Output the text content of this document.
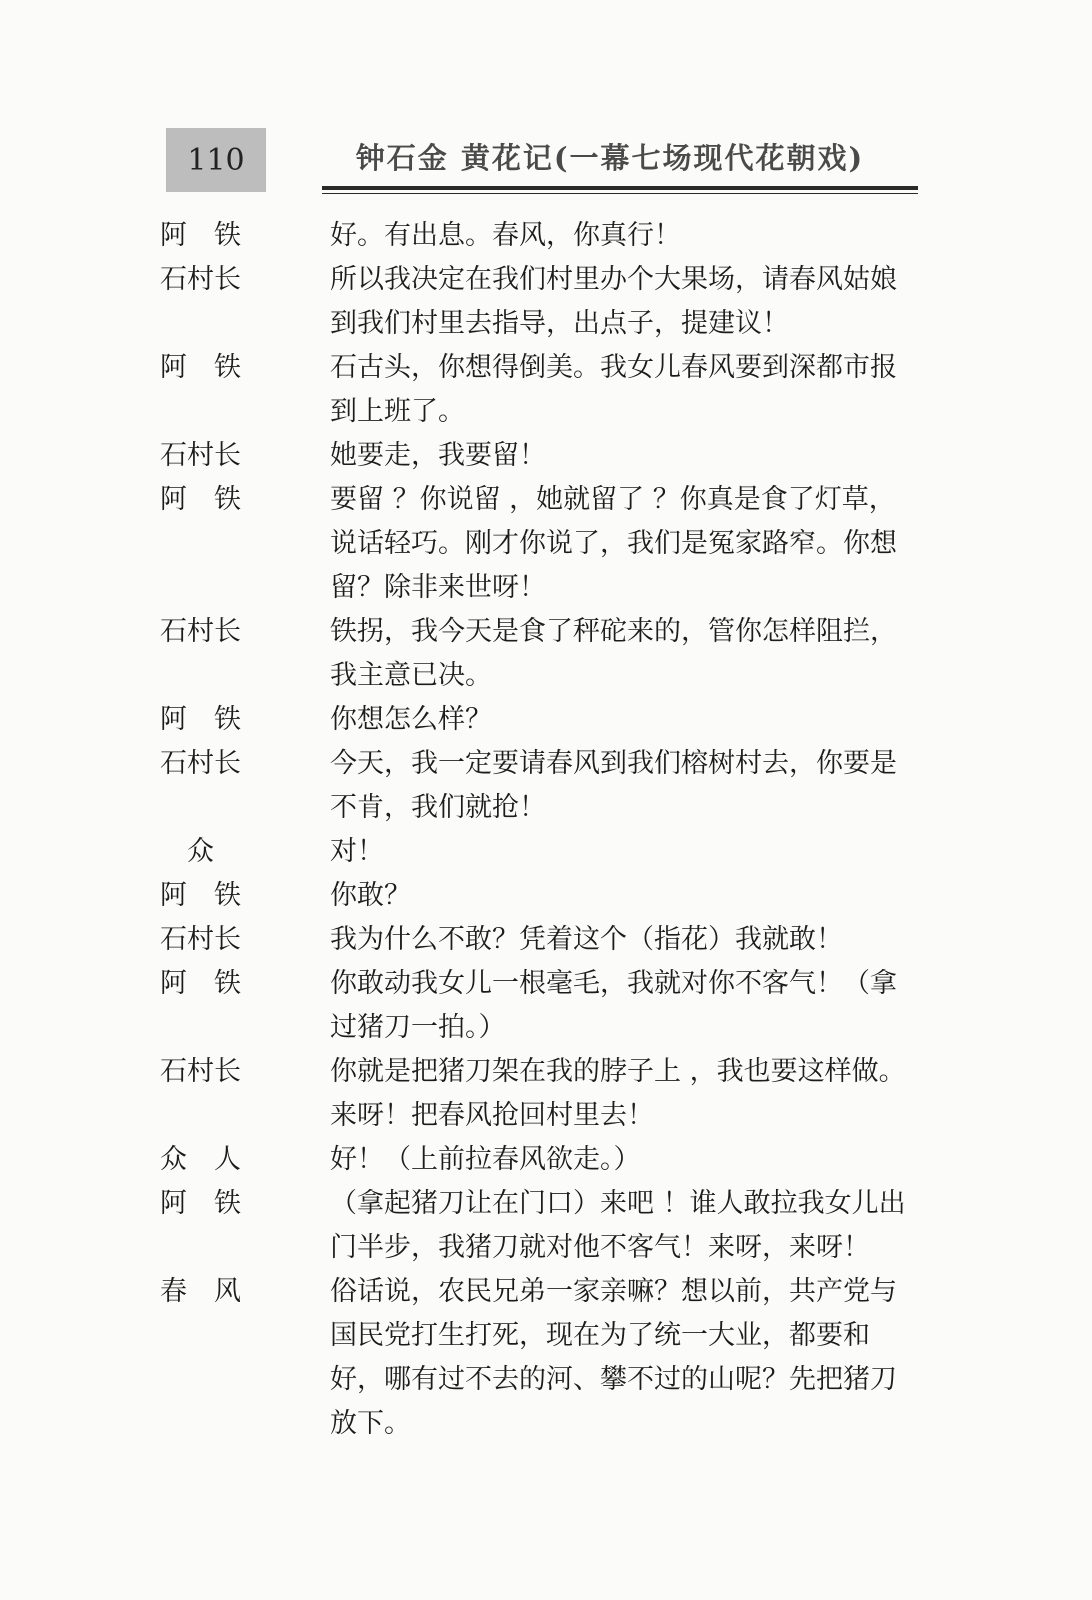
110	钟石金 黄花记(一幕七场现代花朝戏)
阿　铁	好。有出息。春风，你真行！
石村长	所以我决定在我们村里办个大果场，请春风姑娘到我们村里去指导，出点子，提建议！
阿　铁	石古头，你想得倒美。我女儿春风要到深都市报到上班了。
石村长	她要走，我要留！
阿　铁	要留 ？你说留 ，她就留了 ？你真是食了灯草，说话轻巧。刚才你说了，我们是冤家路窄。你想留？除非来世呀！
石村长	铁拐，我今天是食了秤砣来的，管你怎样阻拦，我主意已决。
阿　铁	你想怎么样？
石村长	今天，我一定要请春风到我们榕树村去，你要是不肯，我们就抢！
　众	对！
阿　铁	你敢？
石村长	我为什么不敢？凭着这个（指花）我就敢！
阿　铁	你敢动我女儿一根毫毛，我就对你不客气！（拿过猪刀一拍。）
石村长	你就是把猪刀架在我的脖子上 ，我也要这样做。来呀！把春风抢回村里去！
众　人	好！（上前拉春风欲走。）
阿　铁	（拿起猪刀让在门口）来吧 ！谁人敢拉我女儿出门半步，我猪刀就对他不客气！来呀，来呀！
春　风	俗话说，农民兄弟一家亲嘛？想以前，共产党与国民党打生打死，现在为了统一大业，都要和好，哪有过不去的河、攀不过的山呢？先把猪刀放下。
